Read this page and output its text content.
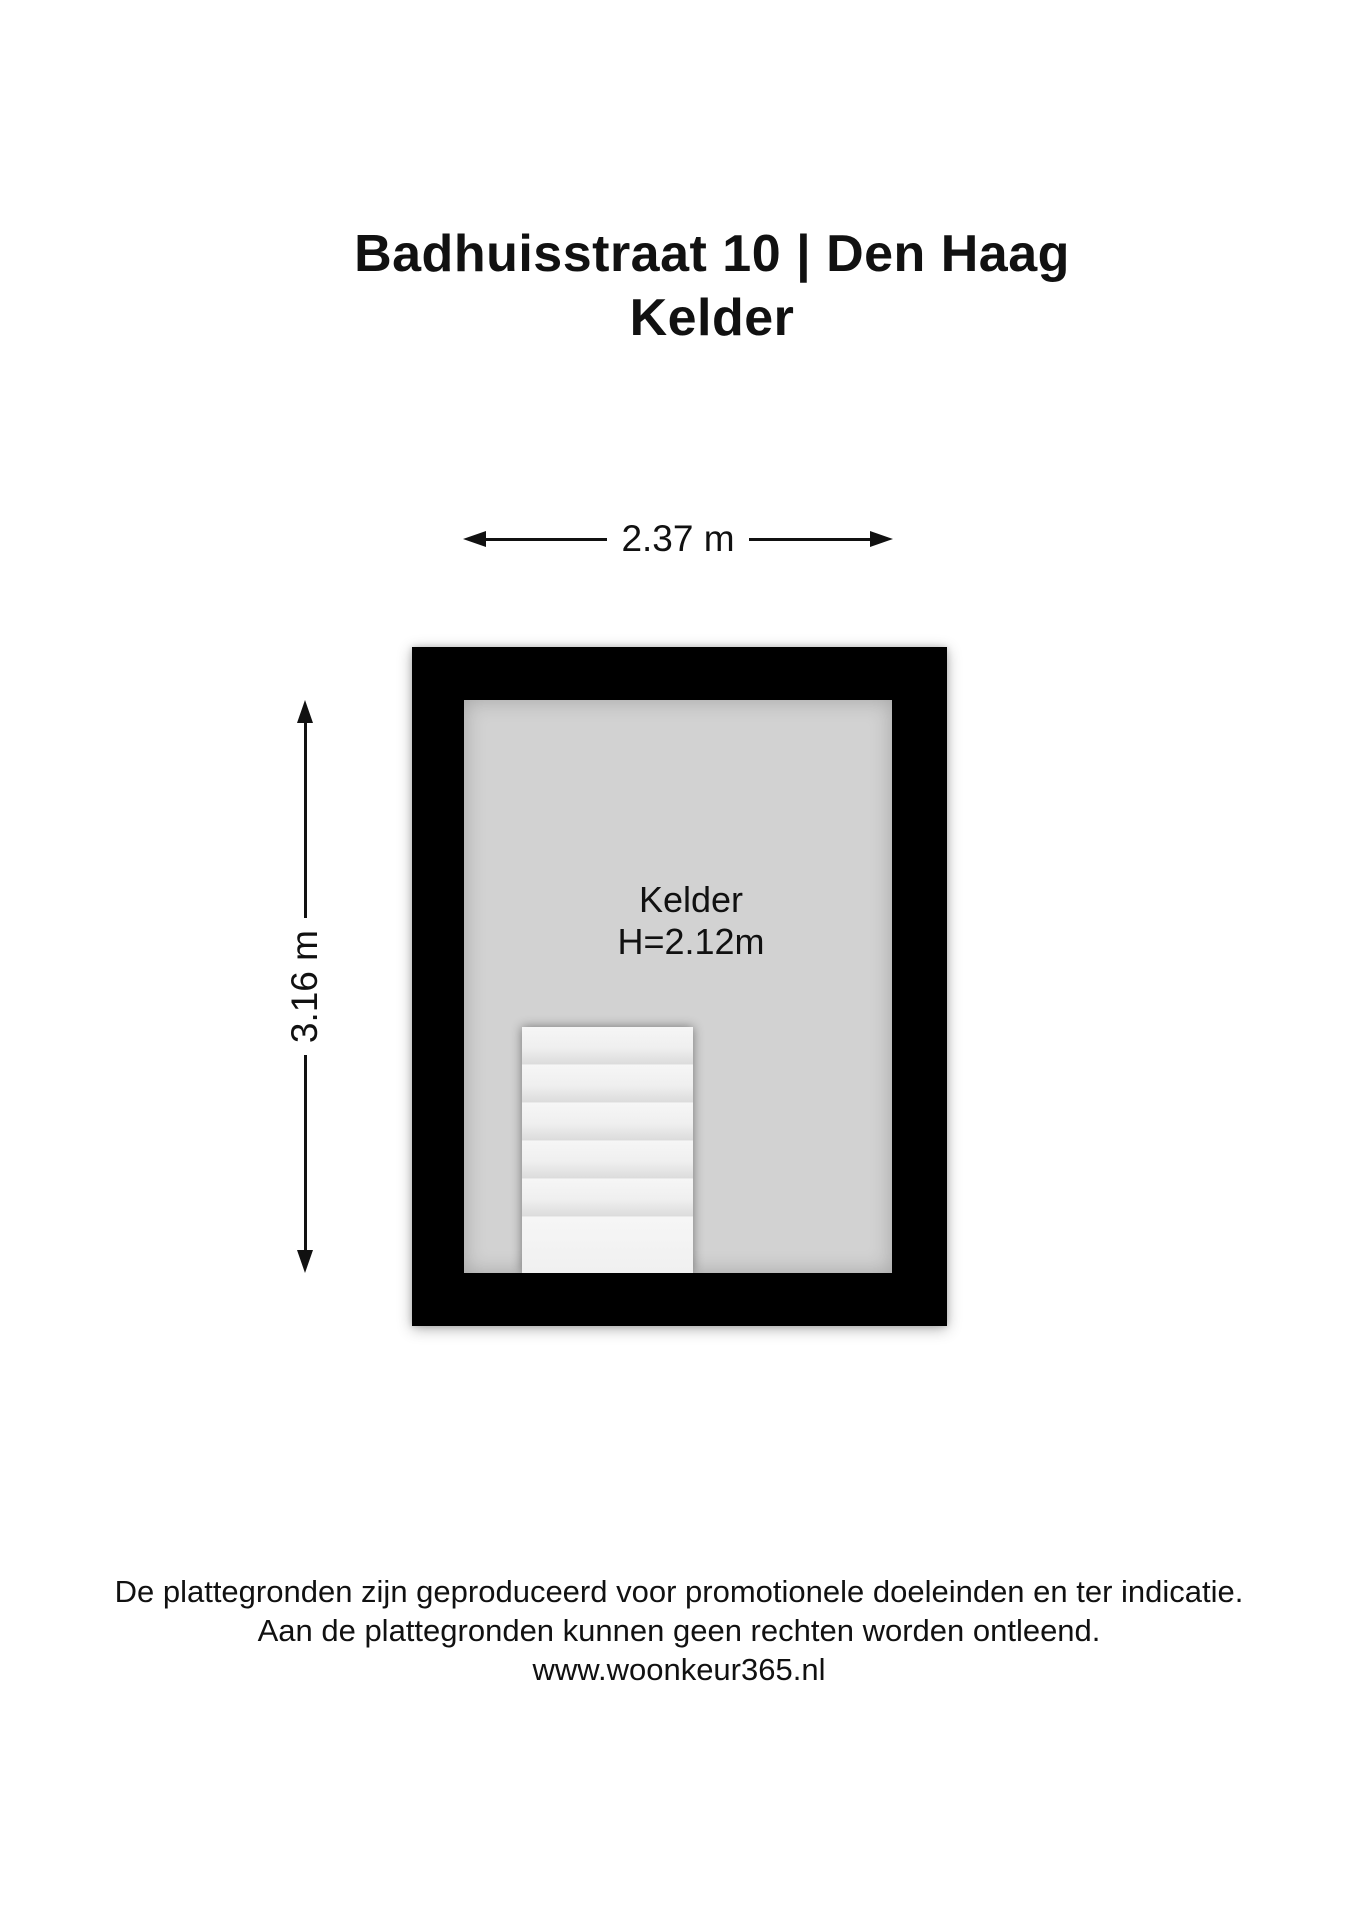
Badhuisstraat 10 | Den Haag
Kelder
2.37 m
3.16 m
Kelder
H=2.12m
De plattegronden zijn geproduceerd voor promotionele doeleinden en ter indicatie.
Aan de plattegronden kunnen geen rechten worden ontleend.
www.woonkeur365.nl
